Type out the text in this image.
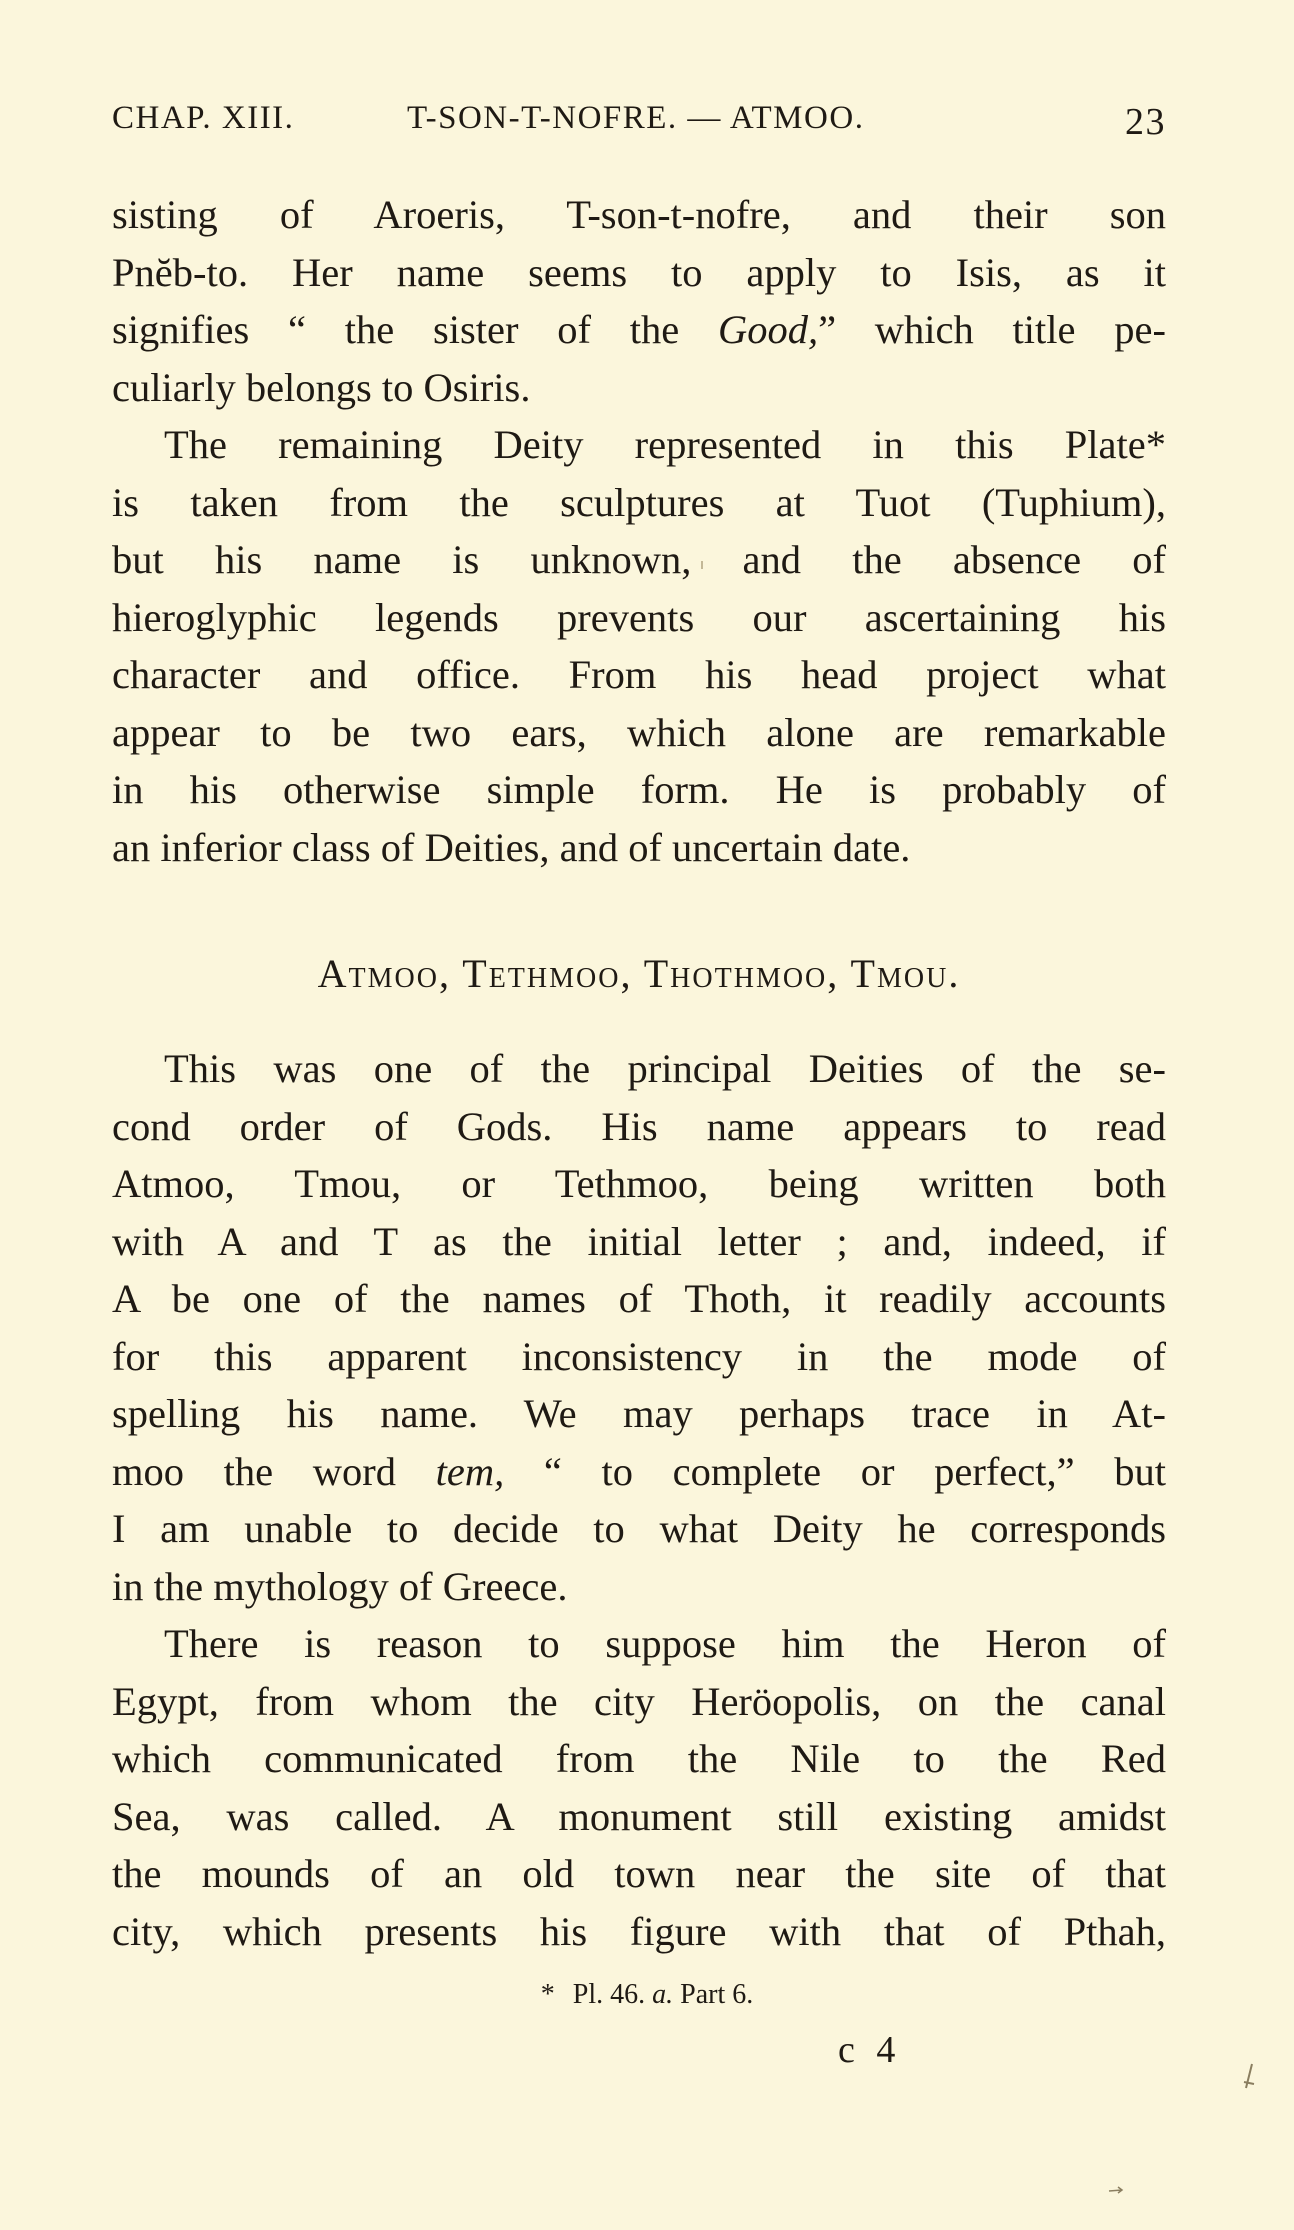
CHAP. XIII.	T-SON-T-NOFRE. — ATMOO.	23
sisting of Aroeris, T-son-t-nofre, and their son
Pnĕb-to. Her name seems to apply to Isis, as it
signifies “ the sister of the Good,” which title pe-
culiarly belongs to Osiris.
The remaining Deity represented in this Plate*
is taken from the sculptures at Tuot (Tuphium),
but his name is unknown, and the absence of
hieroglyphic legends prevents our ascertaining his
character and office. From his head project what
appear to be two ears, which alone are remarkable
in his otherwise simple form. He is probably of
an inferior class of Deities, and of uncertain date.
Atmoo, Tethmoo, Thothmoo, Tmou.
This was one of the principal Deities of the se-
cond order of Gods. His name appears to read
Atmoo, Tmou, or Tethmoo, being written both
with A and T as the initial letter ; and, indeed, if
A be one of the names of Thoth, it readily accounts
for this apparent inconsistency in the mode of
spelling his name. We may perhaps trace in At-
moo the word tem, “ to complete or perfect,” but
I am unable to decide to what Deity he corresponds
in the mythology of Greece.
There is reason to suppose him the Heron of
Egypt, from whom the city Heröopolis, on the canal
which communicated from the Nile to the Red
Sea, was called. A monument still existing amidst
the mounds of an old town near the site of that
city, which presents his figure with that of Pthah,
* Pl. 46. a. Part 6.
c 4
